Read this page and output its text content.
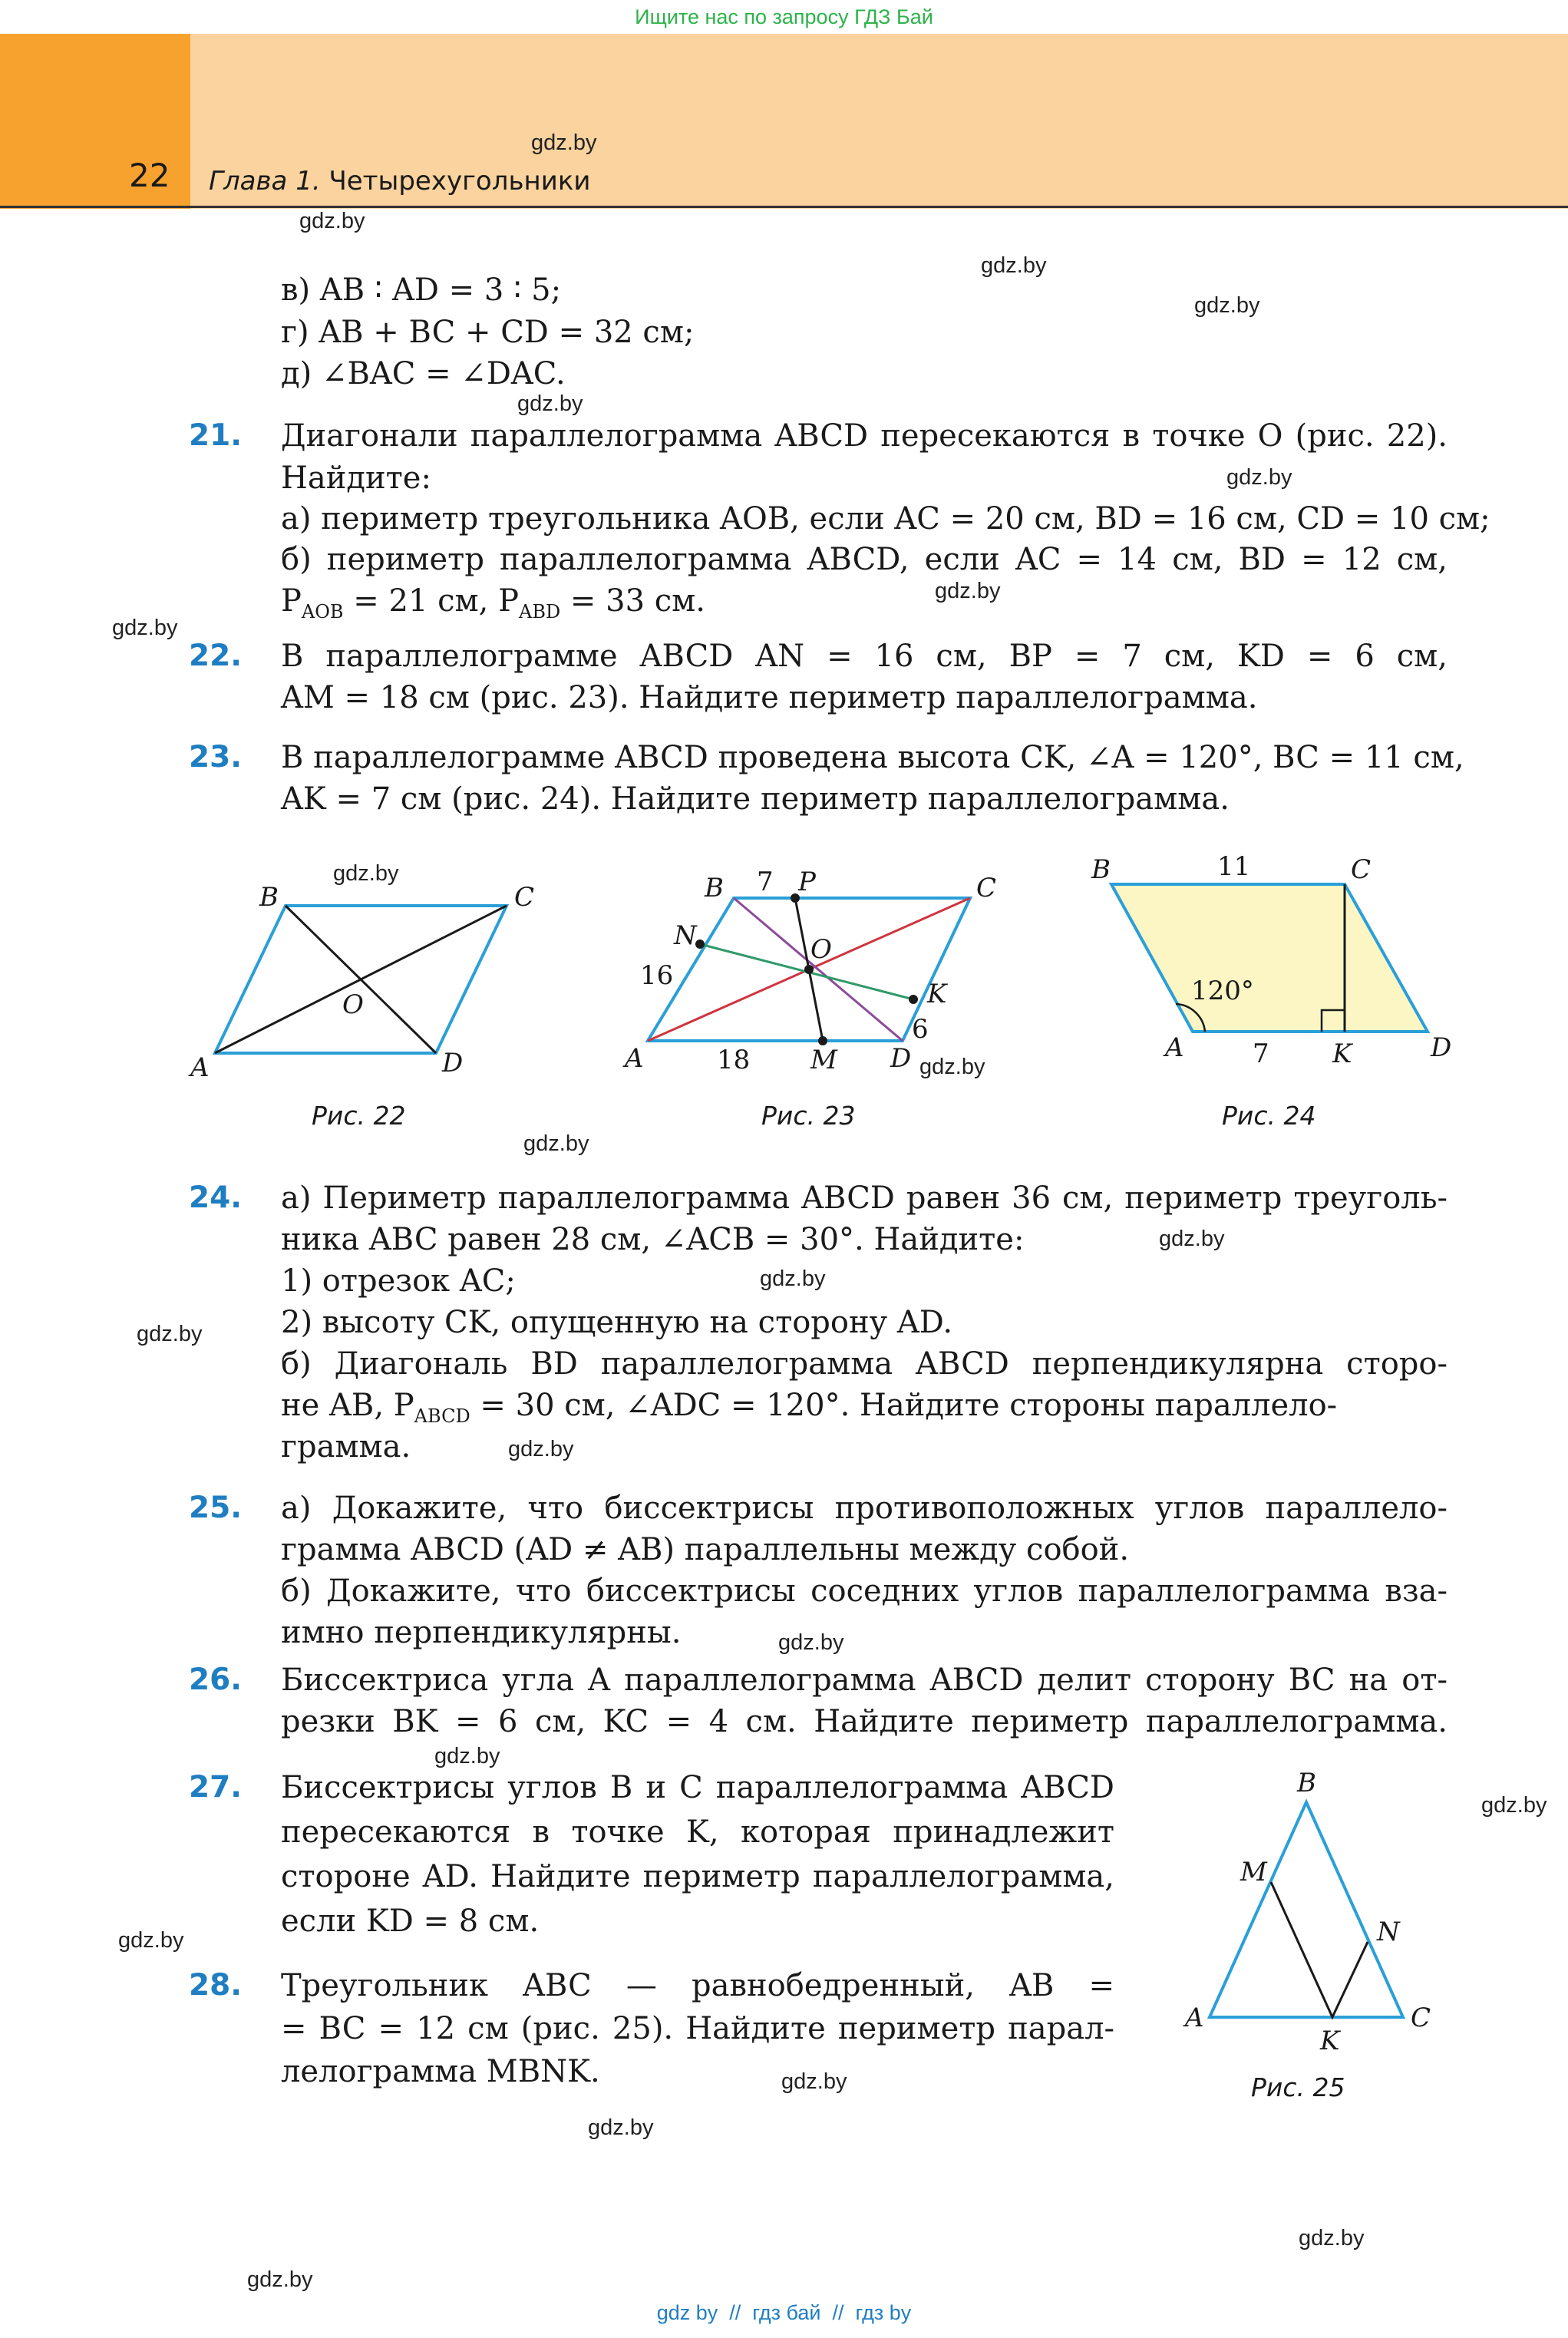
Ищите нас по запросу ГДЗ Бай
22 Глава 1. Четырехугольники
gdz.by
gdz.by
gdz.by
gdz.by
gdz.by
gdz.by
gdz.by
gdz.by
gdz.by
gdz.by
gdz.by
gdz.by
gdz.by
gdz.by
gdz.by
gdz.by
gdz.by
gdz.by
gdz.by
gdz.by
gdz.by
gdz.by
gdz.by
в) AB ∶ AD = 3 ∶ 5;
г) AB + BC + CD = 32 см;
д) ∠BAC = ∠DAC.
21. Диагонали параллелограмма ABCD пересекаются в точке O (рис. 22).
Найдите:
а) периметр треугольника AOB, если AC = 20 см, BD = 16 см, CD = 10 см;
б) периметр параллелограмма ABCD, если AC = 14 см, BD = 12 см,
$P_{AOB} = 21$ см, $P_{ABD} = 33$ см.
22. В параллелограмме ABCD AN = 16 см, BP = 7 см, KD = 6 см,
AM = 18 см (рис. 23). Найдите периметр параллелограмма.
23. В параллелограмме ABCD проведена высота CK, ∠A = 120°, BC = 11 см,
AK = 7 см (рис. 24). Найдите периметр параллелограмма.
A
B	C
D
O
Рис. 22
A
B	C
D
N
P
O
K
M
7
16
6
18
Рис. 23
B	C
A	K	D
11
120°
7
Рис. 24
24. а) Периметр параллелограмма ABCD равен 36 см, периметр треуголь-
ника ABC равен 28 см, ∠ACB = 30°. Найдите:
1) отрезок AC;
2) высоту CK, опущенную на сторону AD.
б) Диагональ BD параллелограмма ABCD перпендикулярна сторо-
не AB, $P_{ABCD} = 30$ см, ∠ADC = 120°. Найдите стороны параллело-
грамма.
25. а) Докажите, что биссектрисы противоположных углов параллело-
грамма ABCD (AD ≠ AB) параллельны между собой.
б) Докажите, что биссектрисы соседних углов параллелограмма вза-
имно перпендикулярны.
26. Биссектриса угла A параллелограмма ABCD делит сторону BC на от-
резки BK = 6 см, KC = 4 см. Найдите периметр параллелограмма.
27. Биссектрисы углов B и C параллелограмма ABCD
пересекаются в точке K, которая принадлежит
стороне AD. Найдите периметр параллелограмма,
если KD = 8 см.
28. Треугольник ABC — равнобедренный, AB =
= BC = 12 см (рис. 25). Найдите периметр парал-
лелограмма MBNK.
B
M
N
A
K
C
Рис. 25
gdz by  //  гдз бай  //  гдз by
